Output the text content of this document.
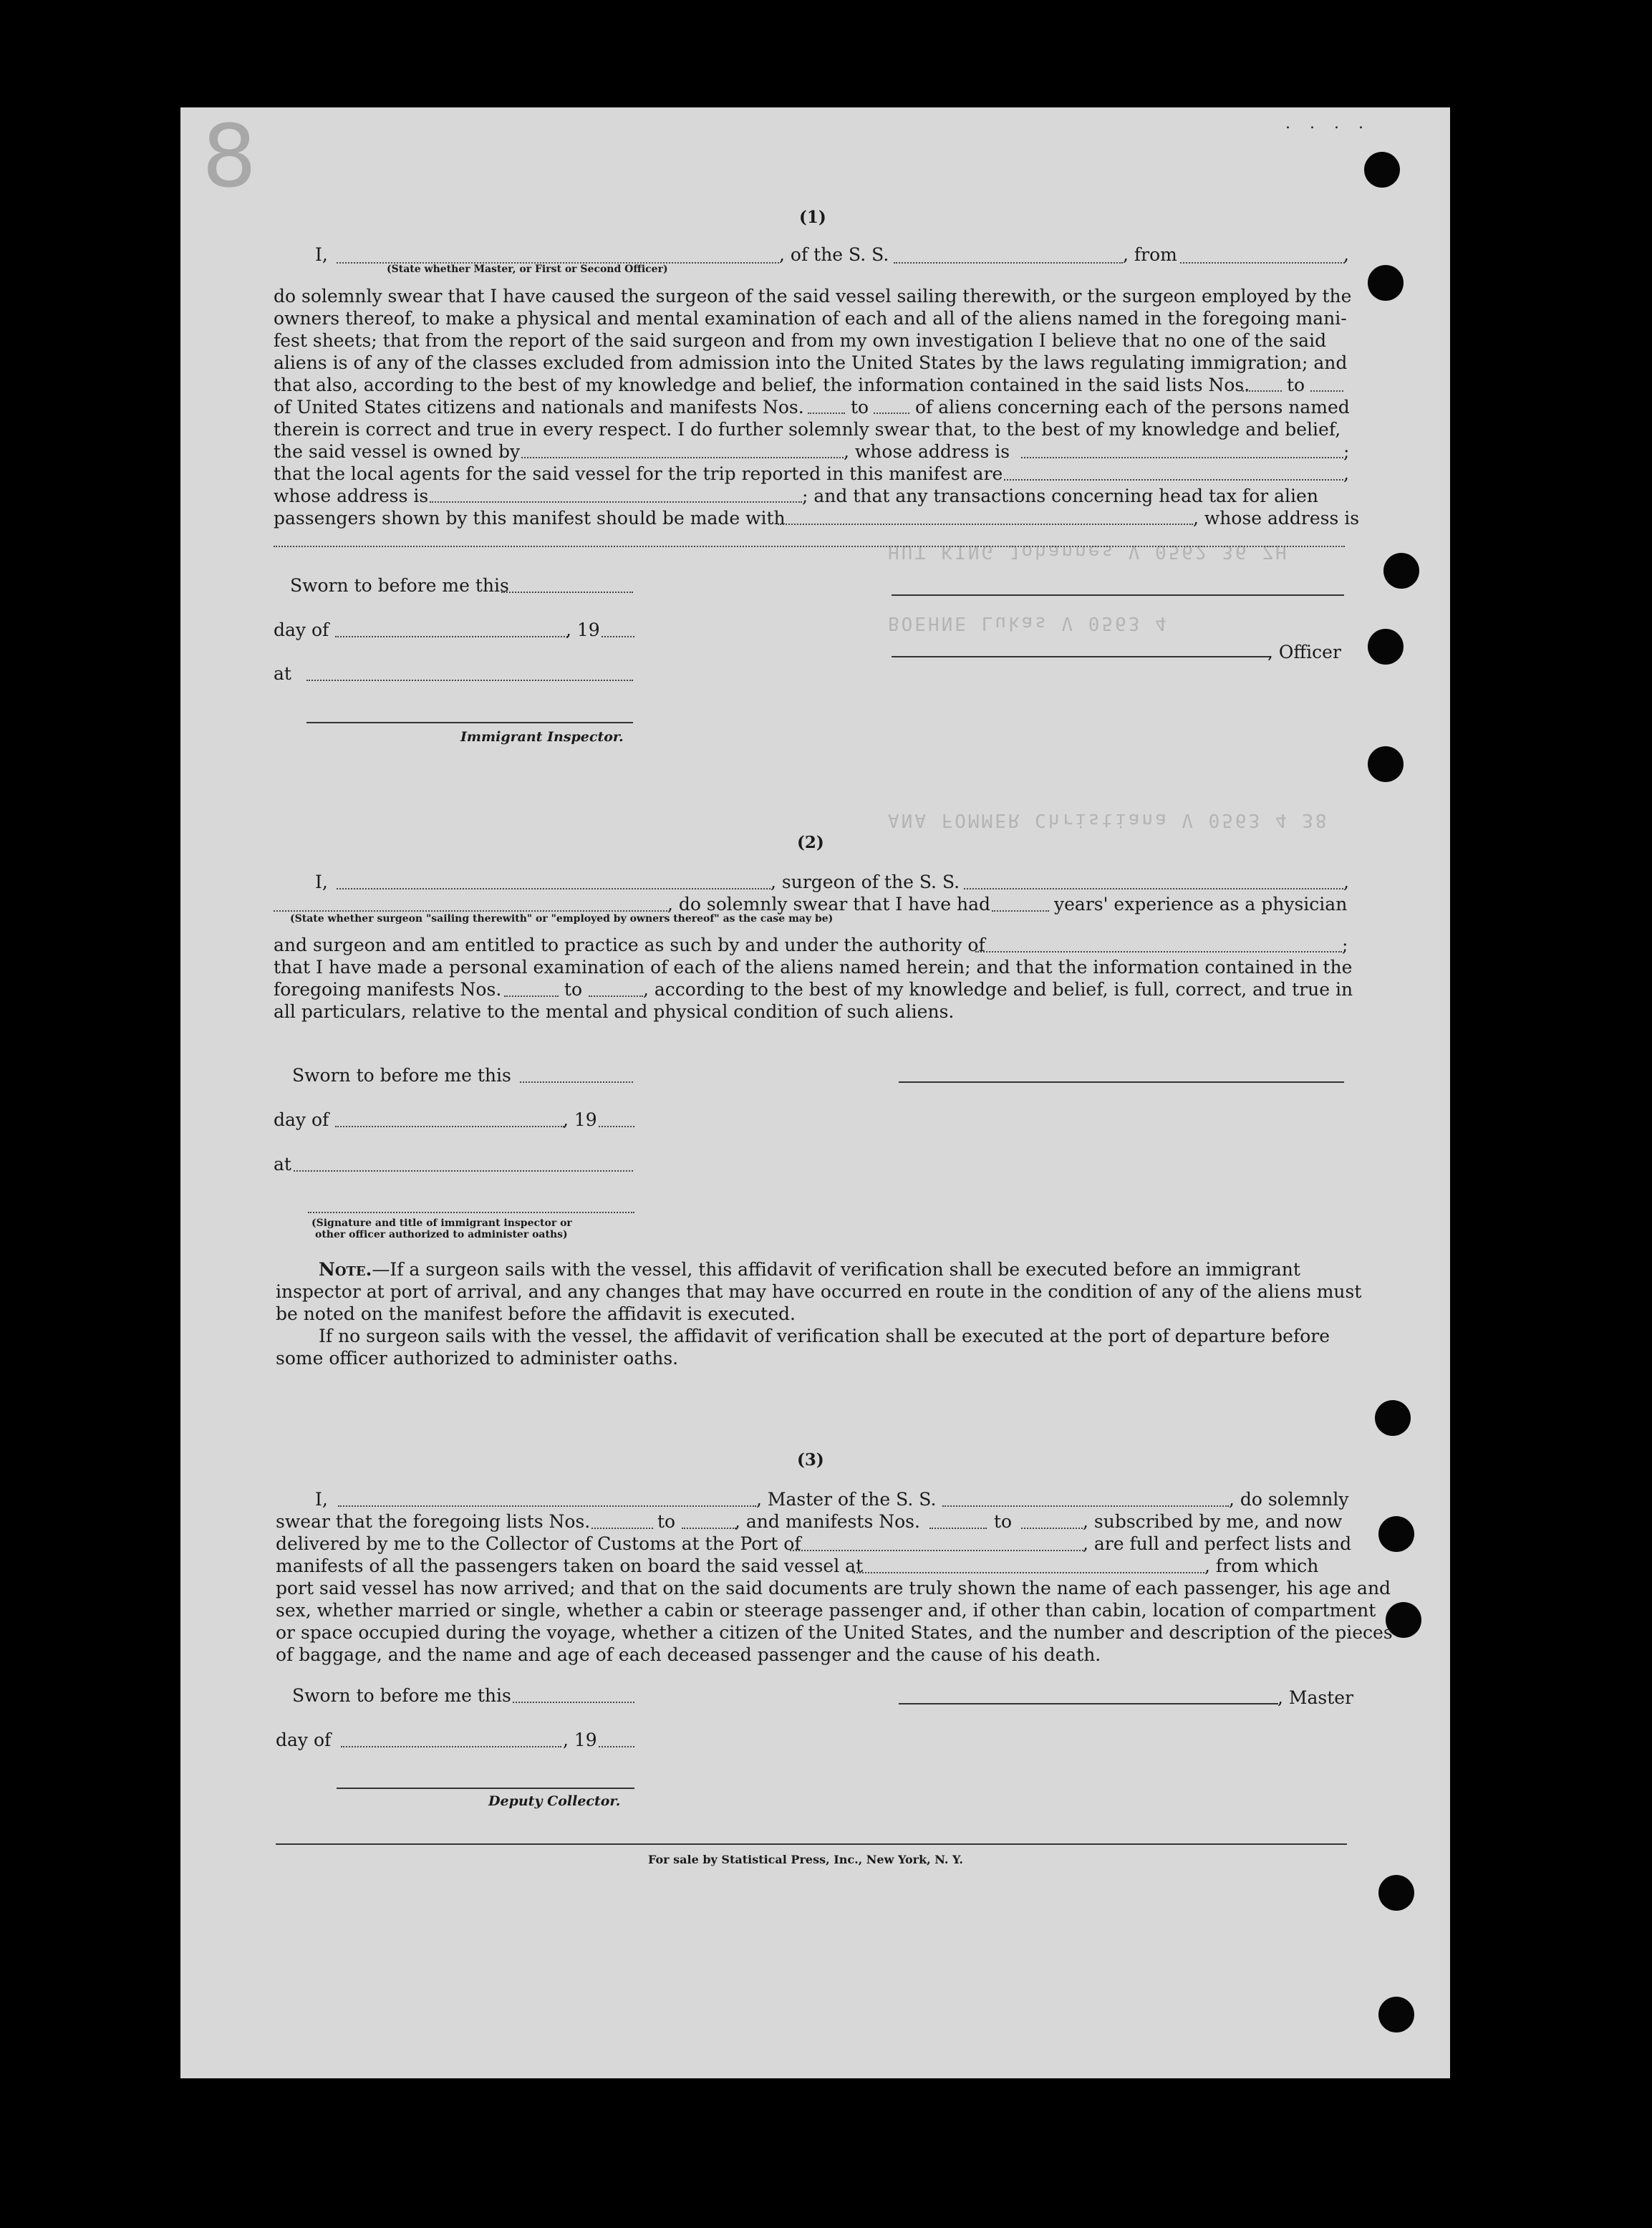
8	. . . .
HUT KING Johannes V 0562 36 ZH
BOEHNE Lukas V 0563 4
ANA FOMMER Christiana V 0563 4 38
(1)
I,	, of the S. S.	, from	,
(State whether Master, or First or Second Officer)
do solemnly swear that I have caused the surgeon of the said vessel sailing therewith, or the surgeon employed by the
owners thereof, to make a physical and mental examination of each and all of the aliens named in the foregoing mani-
fest sheets; that from the report of the said surgeon and from my own investigation I believe that no one of the said
aliens is of any of the classes excluded from admission into the United States by the laws regulating immigration; and
that also, according to the best of my knowledge and belief, the information contained in the said lists Nos. to
of United States citizens and nationals and manifests Nos.	to	of aliens concerning each of the persons named
therein is correct and true in every respect. I do further solemnly swear that, to the best of my knowledge and belief,
the said vessel is owned by	, whose address is	;
that the local agents for the said vessel for the trip reported in this manifest are	,
whose address is	; and that any transactions concerning head tax for alien
passengers shown by this manifest should be made with	, whose address is
Sworn to before me this
day of	, 19
, Officer
at
Immigrant Inspector.
(2)
I,	, surgeon of the S. S.	,
, do solemnly swear that I have had	years' experience as a physician
(State whether surgeon "sailing therewith" or "employed by owners thereof" as the case may be)
and surgeon and am entitled to practice as such by and under the authority of	;
that I have made a personal examination of each of the aliens named herein; and that the information contained in the
foregoing manifests Nos.	to	, according to the best of my knowledge and belief, is full, correct, and true in
all particulars, relative to the mental and physical condition of such aliens.
Sworn to before me this
day of	, 19
at
(Signature and title of immigrant inspector or
other officer authorized to administer oaths)
Note.—If a surgeon sails with the vessel, this affidavit of verification shall be executed before an immigrant
inspector at port of arrival, and any changes that may have occurred en route in the condition of any of the aliens must
be noted on the manifest before the affidavit is executed.
If no surgeon sails with the vessel, the affidavit of verification shall be executed at the port of departure before
some officer authorized to administer oaths.
(3)
I,	, Master of the S. S.	, do solemnly
swear that the foregoing lists Nos.	to	, and manifests Nos.	to	, subscribed by me, and now
delivered by me to the Collector of Customs at the Port of	, are full and perfect lists and
manifests of all the passengers taken on board the said vessel at	, from which
port said vessel has now arrived; and that on the said documents are truly shown the name of each passenger, his age and
sex, whether married or single, whether a cabin or steerage passenger and, if other than cabin, location of compartment
or space occupied during the voyage, whether a citizen of the United States, and the number and description of the pieces
of baggage, and the name and age of each deceased passenger and the cause of his death.
Sworn to before me this	, Master
day of	, 19
Deputy Collector.
For sale by Statistical Press, Inc., New York, N. Y.
